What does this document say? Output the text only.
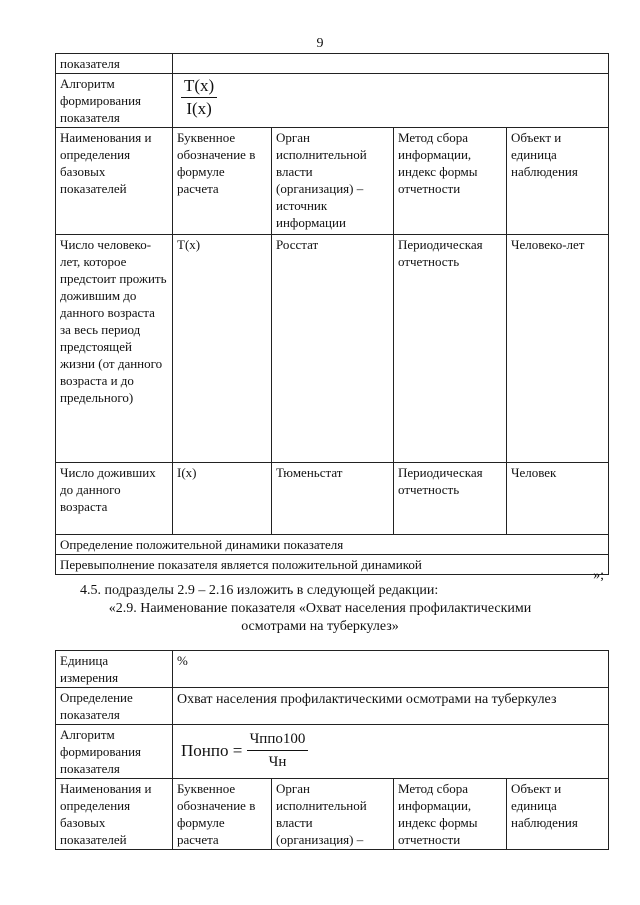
9
показателя				
Алгоритм формирования показателя	$\frac{T(x)}{I(x)}$

Наименования и определения базовых показателей	Буквенное обозначение в формуле расчета	Орган исполнительной власти (организация) – источник информации	Метод сбора информации, индекс формы отчетности	Объект и единица наблюдения
Число человеко-лет, которое предстоит прожить дожившим до данного возраста за весь период предстоящей жизни (от данного возраста и до предельного)	T(x)	Росстат	Периодическая отчетность	Человеко-лет
Число доживших до данного возраста	I(x)	Тюменьстат	Периодическая отчетность	Человек
Определение положительной динамики показателя				
Перевыполнение показателя является положительной динамикой				
»;
4.5. подразделы 2.9 – 2.16 изложить в следующей редакции:
«2.9. Наименование показателя «Охват населения профилактическими
осмотрами на туберкулез»
Единица измерения	%			
Определение показателя	Охват населения профилактическими осмотрами на туберкулез			
Алгоритм формирования показателя	Понпо = $\frac{\text{Чппо100}}{Чн}$

Наименования и определения базовых показателей	Буквенное обозначение в формуле расчета	Орган исполнительной власти (организация) –	Метод сбора информации, индекс формы отчетности	Объект и единица наблюдения
